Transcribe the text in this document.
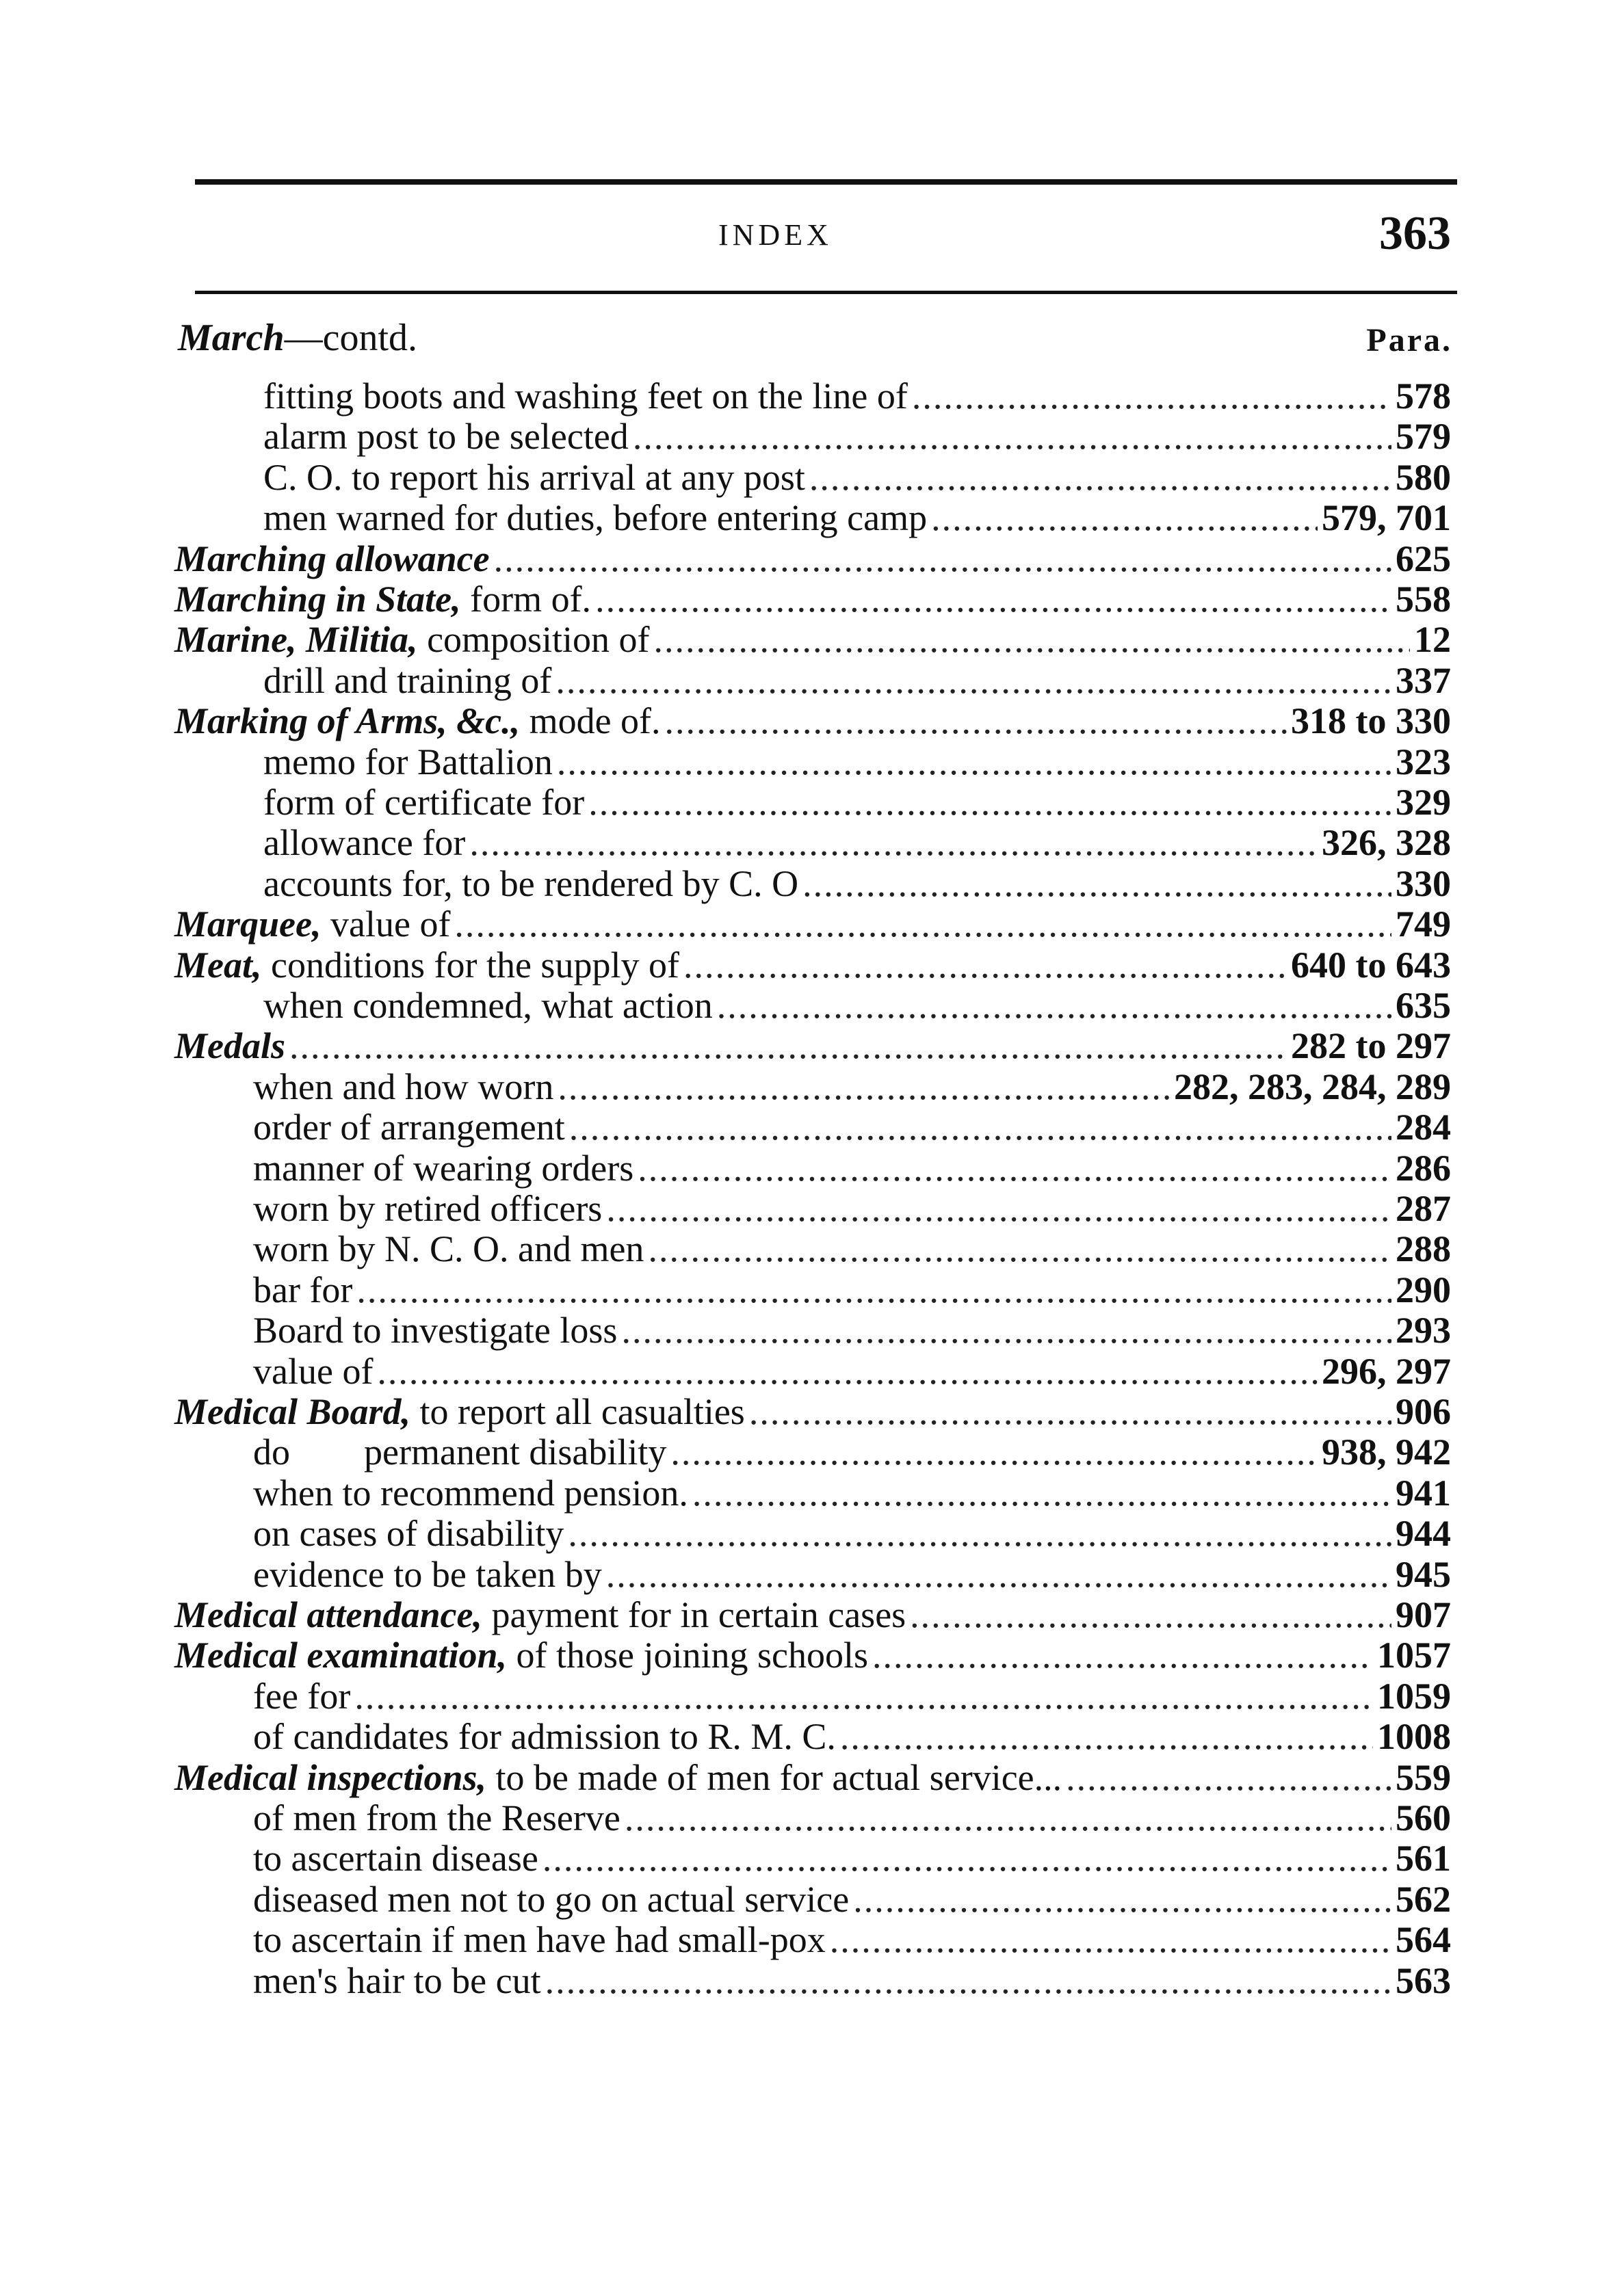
INDEX	363
March—contd.	Para.
fitting boots and washing feet on the line of .....	578
alarm post to be selected .....	579
C. O. to report his arrival at any post .....	580
men warned for duties, before entering camp .....	579, 701
Marching allowance .....	625
Marching in State, form of. .....	558
Marine, Militia, composition of .....	12
drill and training of .....	337
Marking of Arms, &c., mode of. .....	318 to 330
memo for Battalion .....	323
form of certificate for .....	329
allowance for .....	326, 328
accounts for, to be rendered by C. O .....	330
Marquee, value of .....	749
Meat, conditions for the supply of .....	640 to 643
when condemned, what action .....	635
Medals .....	282 to 297
when and how worn .....	282, 283, 284, 289
order of arrangement .....	284
manner of wearing orders .....	286
worn by retired officers .....	287
worn by N. C. O. and men .....	288
bar for .....	290
Board to investigate loss .....	293
value of .....	296, 297
Medical Board, to report all casualties .....	906
do        permanent disability .....	938, 942
when to recommend pension. .....	941
on cases of disability .....	944
evidence to be taken by .....	945
Medical attendance, payment for in certain cases .....	907
Medical examination, of those joining schools .....	1057
fee for .....	1059
of candidates for admission to R. M. C. .....	1008
Medical inspections, to be made of men for actual service... .....	559
of men from the Reserve .....	560
to ascertain disease .....	561
diseased men not to go on actual service .....	562
to ascertain if men have had small-pox .....	564
men's hair to be cut .....	563
